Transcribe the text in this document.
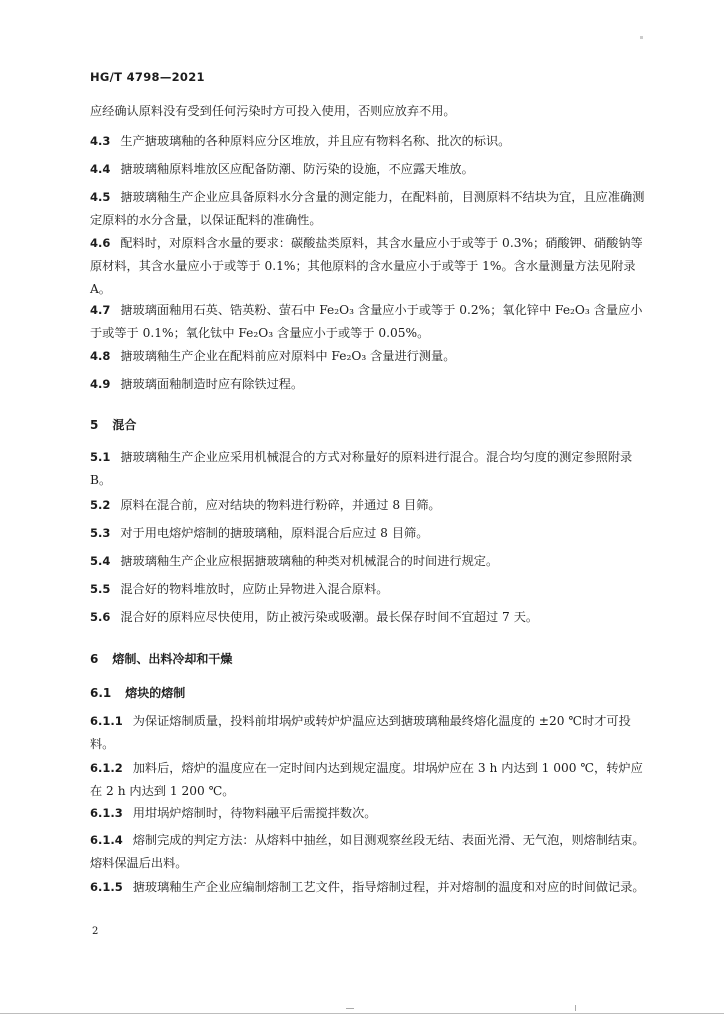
HG/T 4798—2021
应经确认原料没有受到任何污染时方可投入使用，否则应放弃不用。
4.3 生产搪玻璃釉的各种原料应分区堆放，并且应有物料名称、批次的标识。
4.4 搪玻璃釉原料堆放区应配备防潮、防污染的设施，不应露天堆放。
4.5 搪玻璃釉生产企业应具备原料水分含量的测定能力，在配料前，目测原料不结块为宜，且应准确测定原料的水分含量，以保证配料的准确性。
4.6 配料时，对原料含水量的要求：碳酸盐类原料，其含水量应小于或等于 0.3%；硝酸钾、硝酸钠等原材料，其含水量应小于或等于 0.1%；其他原料的含水量应小于或等于 1%。含水量测量方法见附录 A。
4.7 搪玻璃面釉用石英、锆英粉、萤石中 Fe₂O₃ 含量应小于或等于 0.2%；氧化锌中 Fe₂O₃ 含量应小于或等于 0.1%；氧化钛中 Fe₂O₃ 含量应小于或等于 0.05%。
4.8 搪玻璃釉生产企业在配料前应对原料中 Fe₂O₃ 含量进行测量。
4.9 搪玻璃面釉制造时应有除铁过程。
5 混合
5.1 搪玻璃釉生产企业应采用机械混合的方式对称量好的原料进行混合。混合均匀度的测定参照附录 B。
5.2 原料在混合前，应对结块的物料进行粉碎，并通过 8 目筛。
5.3 对于用电熔炉熔制的搪玻璃釉，原料混合后应过 8 目筛。
5.4 搪玻璃釉生产企业应根据搪玻璃釉的种类对机械混合的时间进行规定。
5.5 混合好的物料堆放时，应防止异物进入混合原料。
5.6 混合好的原料应尽快使用，防止被污染或吸潮。最长保存时间不宜超过 7 天。
6 熔制、出料冷却和干燥
6.1 熔块的熔制
6.1.1 为保证熔制质量，投料前坩埚炉或转炉炉温应达到搪玻璃釉最终熔化温度的 ±20 ℃时才可投料。
6.1.2 加料后，熔炉的温度应在一定时间内达到规定温度。坩埚炉应在 3 h 内达到 1 000 ℃，转炉应在 2 h 内达到 1 200 ℃。
6.1.3 用坩埚炉熔制时，待物料融平后需搅拌数次。
6.1.4 熔制完成的判定方法：从熔料中抽丝，如目测观察丝段无结、表面光滑、无气泡，则熔制结束。熔料保温后出料。
6.1.5 搪玻璃釉生产企业应编制熔制工艺文件，指导熔制过程，并对熔制的温度和对应的时间做记录。
2
